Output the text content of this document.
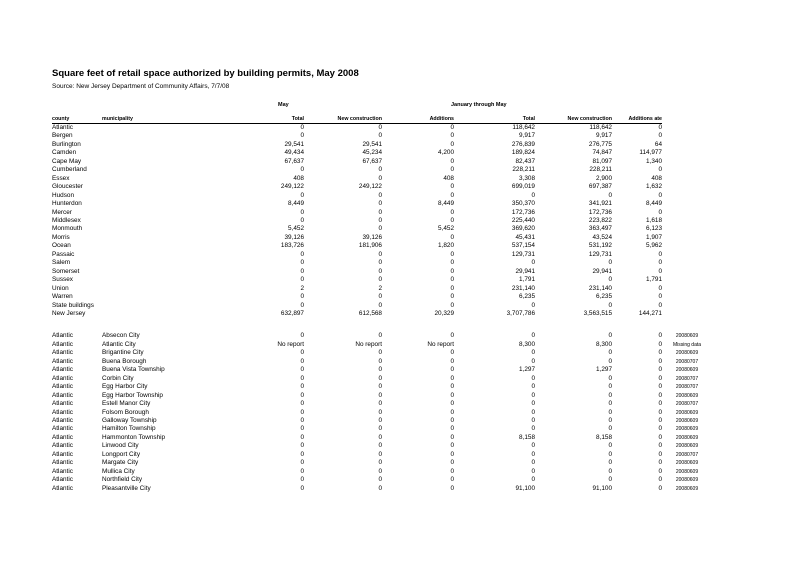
Square feet of retail space authorized by building permits, May 2008
Source: New Jersey Department of Community Affairs, 7/7/08
May	January through May
county	municipality	Total	New construction	Additions	Total	New construction	Additions ate	
Atlantic		0	0	0	118,642	118,642	0	
Bergen		0	0	0	9,917	9,917	0	
Burlington		29,541	29,541	0	276,839	276,775	64	
Camden		49,434	45,234	4,200	189,824	74,847	114,977	
Cape May		67,637	67,637	0	82,437	81,097	1,340	
Cumberland		0	0	0	228,211	228,211	0	
Essex		408	0	408	3,308	2,900	408	
Gloucester		249,122	249,122	0	699,019	697,387	1,632	
Hudson		0	0	0	0	0	0	
Hunterdon		8,449	0	8,449	350,370	341,921	8,449	
Mercer		0	0	0	172,736	172,736	0	
Middlesex		0	0	0	225,440	223,822	1,618	
Monmouth		5,452	0	5,452	369,620	363,497	6,123	
Morris		39,126	39,126	0	45,431	43,524	1,907	
Ocean		183,726	181,906	1,820	537,154	531,192	5,962	
Passaic		0	0	0	129,731	129,731	0	
Salem		0	0	0	0	0	0	
Somerset		0	0	0	29,941	29,941	0	
Sussex		0	0	0	1,791	0	1,791	
Union		2	2	0	231,140	231,140	0	
Warren		0	0	0	6,235	6,235	0	
State buildings		0	0	0	0	0	0	
New Jersey		632,897	612,568	20,329	3,707,786	3,563,515	144,271	

Atlantic	Absecon City	0	0	0	0	0	0	20080609
Atlantic	Atlantic City	No report	No report	No report	8,300	8,300	0	Missing data
Atlantic	Brigantine City	0	0	0	0	0	0	20080609
Atlantic	Buena Borough	0	0	0	0	0	0	20080707
Atlantic	Buena Vista Township	0	0	0	1,297	1,297	0	20080609
Atlantic	Corbin City	0	0	0	0	0	0	20080707
Atlantic	Egg Harbor City	0	0	0	0	0	0	20080707
Atlantic	Egg Harbor Township	0	0	0	0	0	0	20080609
Atlantic	Estell Manor City	0	0	0	0	0	0	20080707
Atlantic	Folsom Borough	0	0	0	0	0	0	20080609
Atlantic	Galloway Township	0	0	0	0	0	0	20080609
Atlantic	Hamilton Township	0	0	0	0	0	0	20080609
Atlantic	Hammonton Township	0	0	0	8,158	8,158	0	20080609
Atlantic	Linwood City	0	0	0	0	0	0	20080609
Atlantic	Longport City	0	0	0	0	0	0	20080707
Atlantic	Margate City	0	0	0	0	0	0	20080609
Atlantic	Mullica City	0	0	0	0	0	0	20080609
Atlantic	Northfield City	0	0	0	0	0	0	20080609
Atlantic	Pleasantville City	0	0	0	91,100	91,100	0	20080609
